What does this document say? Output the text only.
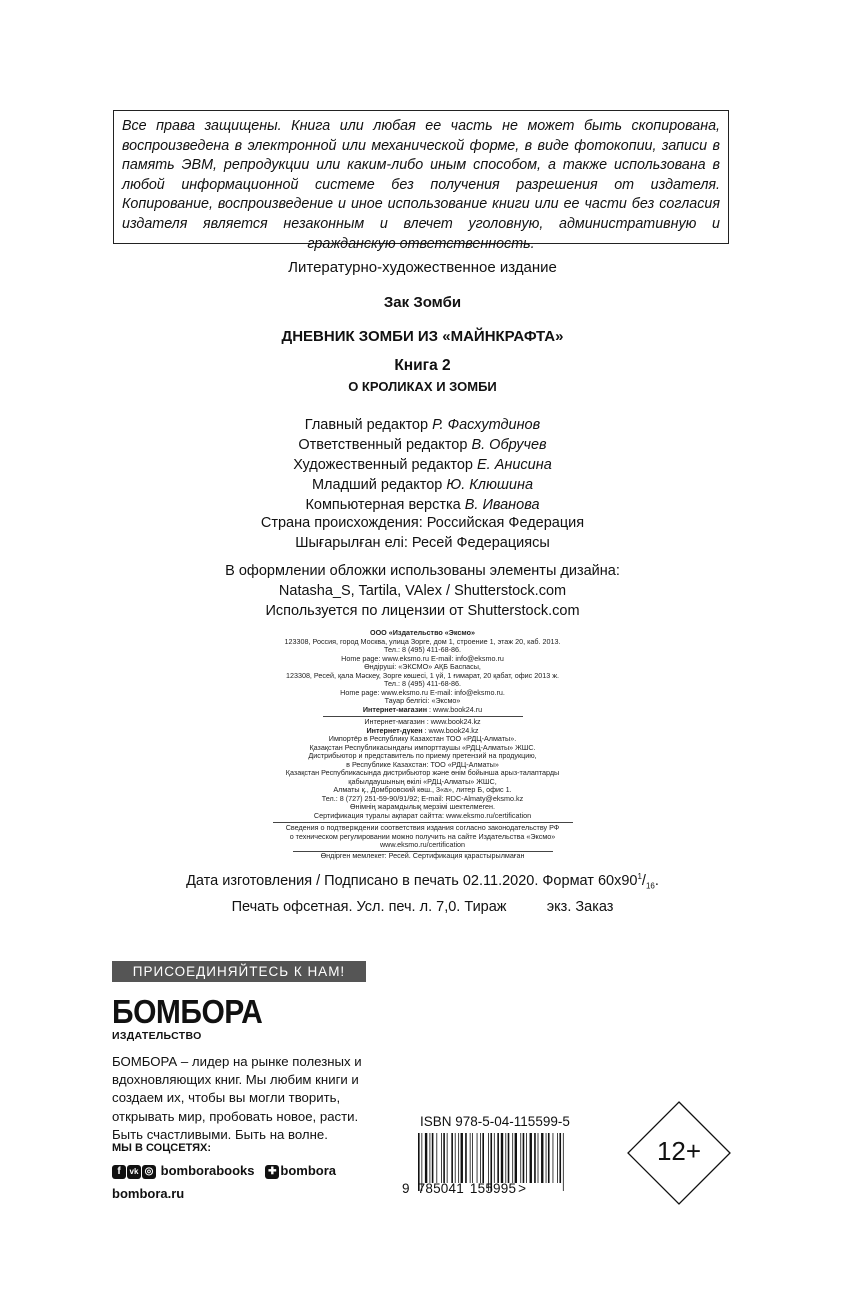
Все права защищены. Книга или любая ее часть не может быть скопирована, воспроизведена в электронной или механической форме, в виде фотокопии, записи в память ЭВМ, репродукции или каким-либо иным способом, а также использована в любой информационной системе без получения разрешения от издателя. Копирование, воспроизведение и иное использование книги или ее части без согласия издателя является незаконным и влечет уголовную, административную и гражданскую ответственность.
Литературно-художественное издание
Зак Зомби
ДНЕВНИК ЗОМБИ ИЗ «МАЙНКРАФТА»
Книга 2
О КРОЛИКАХ И ЗОМБИ
Главный редактор Р. Фасхутдинов
Ответственный редактор В. Обручев
Художественный редактор Е. Анисина
Младший редактор Ю. Клюшина
Компьютерная верстка В. Иванова
Страна происхождения: Российская Федерация
Шығарылған елі: Ресей Федерациясы
В оформлении обложки использованы элементы дизайна:
Natasha_S, Tartila, VAlex / Shutterstock.com
Используется по лицензии от Shutterstock.com
ООО «Издательство «Эксмо»
123308, Россия, город Москва, улица Зорге, дом 1, строение 1, этаж 20, каб. 2013.
Тел.: 8 (495) 411-68-86.
Home page: www.eksmo.ru E-mail: info@eksmo.ru
Өндіруші: «ЭКСМО» АҚБ Баспасы,
123308, Ресей, қала Мәскеу, Зорге көшесі, 1 үй, 1 ғимарат, 20 қабат, офис 2013 ж.
Тел.: 8 (495) 411-68-86.
Home page: www.eksmo.ru E-mail: info@eksmo.ru.
Тауар белгісі: «Эксмо»
Интернет-магазин : www.book24.ru
Интернет-магазин : www.book24.kz
Интернет-дүкен : www.book24.kz
Импортёр в Республику Казахстан ТОО «РДЦ-Алматы».
Қазақстан Республикасындағы импорттаушы «РДЦ-Алматы» ЖШС.
Дистрибьютор и представитель по приему претензий на продукцию,
в Республике Казахстан: ТОО «РДЦ-Алматы»
Қазақстан Республикасында дистрибьютор және өнім бойынша арыз-талаптарды
қабылдаушының өкілі «РДЦ-Алматы» ЖШС,
Алматы қ., Домбровский көш., 3«а», литер Б, офис 1.
Тел.: 8 (727) 251-59-90/91/92; E-mail: RDC-Almaty@eksmo.kz
Өнімнің жарамдылық мерзімі шектелмеген.
Сертификация туралы ақпарат сайтта: www.eksmo.ru/certification
Сведения о подтверждении соответствия издания согласно законодательству РФ
о техническом регулировании можно получить на сайте Издательства «Эксмо»
www.eksmo.ru/certification
Өндірген мемлекет: Ресей. Сертификация қарастырылмаған
Дата изготовления / Подписано в печать 02.11.2020. Формат $60x90^1/_{16}$.
Печать офсетная. Усл. печ. л. 7,0. Тираж          экз. Заказ
ПРИСОЕДИНЯЙТЕСЬ К НАМ!
БОМБОРА
ИЗДАТЕЛЬСТВО
БОМБОРА – лидер на рынке полезных и вдохновляющих книг. Мы любим книги и создаем их, чтобы вы могли творить, открывать мир, пробовать новое, расти. Быть счастливыми. Быть на волне.
МЫ В СОЦСЕТЯХ:
f vk ◎ bomborabooks ✚ bombora
bombora.ru
ISBN 978-5-04-115599-5
9 785041 155995 >
12+
